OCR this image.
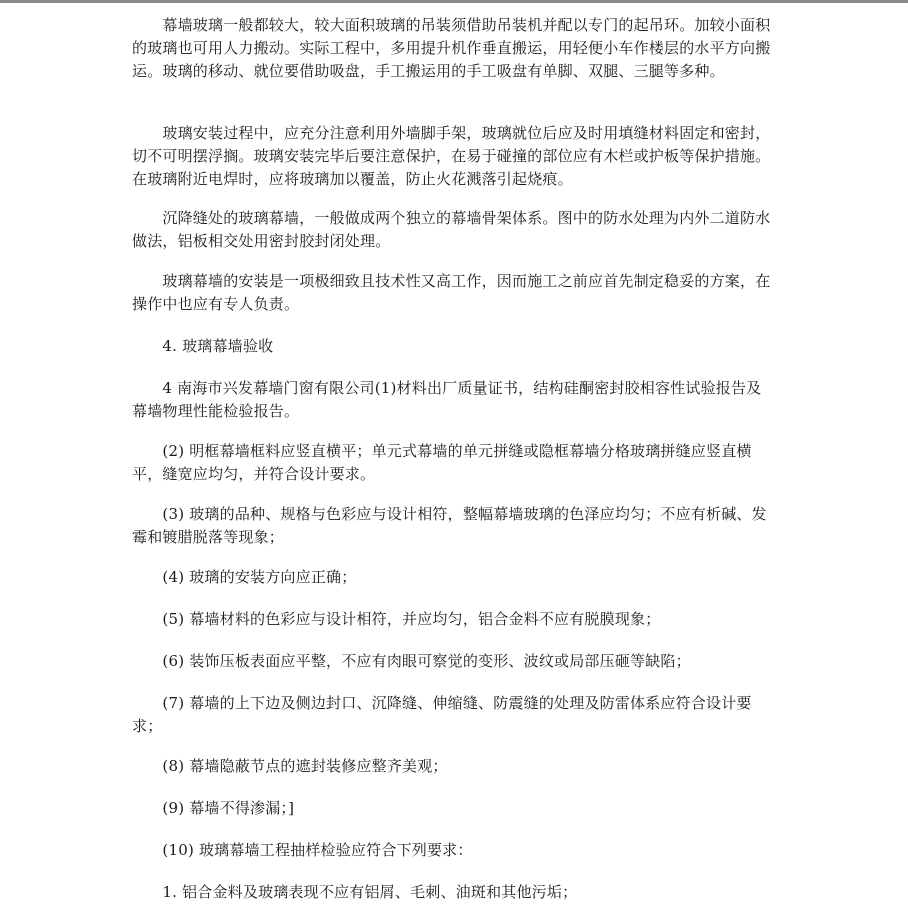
　　幕墙玻璃一般都较大，较大面积玻璃的吊装须借助吊装机并配以专门的起吊环。加较小面积的玻璃也可用人力搬动。实际工程中，多用提升机作垂直搬运，用轻便小车作楼层的水平方向搬运。玻璃的移动、就位要借助吸盘，手工搬运用的手工吸盘有单脚、双腿、三腿等多种。

　　玻璃安装过程中，应充分注意利用外墙脚手架，玻璃就位后应及时用填缝材料固定和密封，切不可明摆浮搁。玻璃安装完毕后要注意保护，在易于碰撞的部位应有木栏或护板等保护措施。在玻璃附近电焊时，应将玻璃加以覆盖，防止火花溅落引起烧痕。

　　沉降缝处的玻璃幕墙，一般做成两个独立的幕墙骨架体系。图中的防水处理为内外二道防水做法，铝板相交处用密封胶封闭处理。

　　玻璃幕墙的安装是一项极细致且技术性又高工作，因而施工之前应首先制定稳妥的方案，在操作中也应有专人负责。

　　4. 玻璃幕墙验收

　　4 南海市兴发幕墙门窗有限公司(1)材料出厂质量证书，结构硅酮密封胶相容性试验报告及幕墙物理性能检验报告。

　　(2) 明框幕墙框料应竖直横平；单元式幕墙的单元拼缝或隐框幕墙分格玻璃拼缝应竖直横平，缝宽应均匀，并符合设计要求。

　　(3) 玻璃的品种、规格与色彩应与设计相符，整幅幕墙玻璃的色泽应均匀；不应有析碱、发霉和镀腊脱落等现象；

　　(4) 玻璃的安装方向应正确；

　　(5) 幕墙材料的色彩应与设计相符，并应均匀，铝合金料不应有脱膜现象；

　　(6) 装饰压板表面应平整，不应有肉眼可察觉的变形、波纹或局部压砸等缺陷；

　　(7) 幕墙的上下边及侧边封口、沉降缝、伸缩缝、防震缝的处理及防雷体系应符合设计要求；

　　(8) 幕墙隐蔽节点的遮封装修应整齐美观；

　　(9) 幕墙不得渗漏；]

　　(10) 玻璃幕墙工程抽样检验应符合下列要求：

　　1. 铝合金料及玻璃表现不应有铝屑、毛刺、油斑和其他污垢；
